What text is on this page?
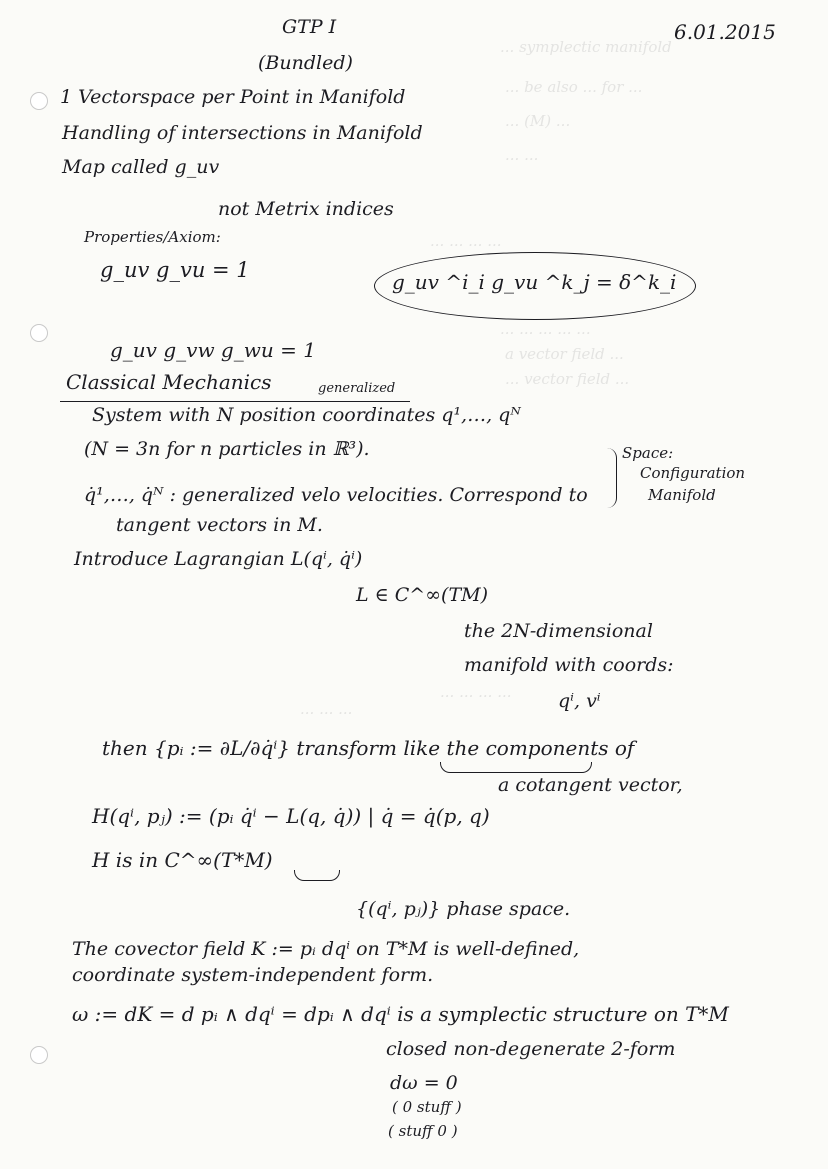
... symplectic manifold
... be also ... for ...
... (M) ...
... ...
... ... ... ...
... ... ... ... ...
a vector field ...
... vector field ...
... ... ... ...
... ... ...
GTP I	6.01.2015
(Bundled)
1 Vectorspace per Point in Manifold
Handling of intersections in Manifold
Map called g_uv
not Metrix indices
Properties/Axiom:
g_uv g_vu = 1	g_uv ^i_i g_vu ^k_j = δ^k_i
g_uv g_vw g_wu = 1
Classical Mechanics	generalized
System with N position coordinates q¹,…, qᴺ
(N = 3n for n particles in ℝ³).	Space:
Configuration
Manifold
q̇¹,…, q̇ᴺ : generalized velo velocities. Correspond to
tangent vectors in M.
Introduce Lagrangian L(qⁱ, q̇ⁱ)
L ∈ C^∞(TM)
the 2N-dimensional
manifold with coords:
qⁱ, vⁱ
then {pᵢ := ∂L/∂q̇ⁱ} transform like the components of
a cotangent vector,
H(qⁱ, pⱼ) := (pᵢ q̇ⁱ − L(q, q̇)) | q̇ = q̇(p, q)
H is in C^∞(T*M)
{(qⁱ, pⱼ)} phase space.
The covector field K := pᵢ dqⁱ on T*M is well-defined,
coordinate system-independent form.
ω := dK = d pᵢ ∧ dqⁱ = dpᵢ ∧ dqⁱ is a symplectic structure on T*M
closed non-degenerate 2-form
dω = 0
( 0 stuff )
( stuff 0 )
